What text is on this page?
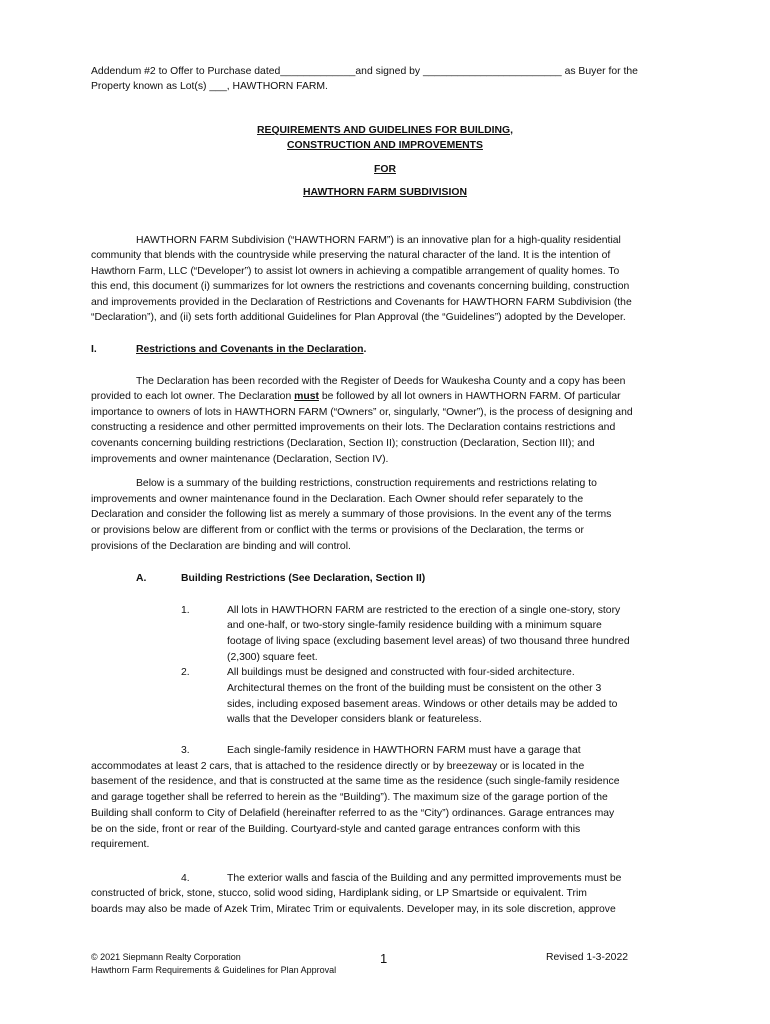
Addendum #2 to Offer to Purchase dated_____________and signed by ________________________ as Buyer for the
Property known as Lot(s) ___, HAWTHORN FARM.
REQUIREMENTS AND GUIDELINES FOR BUILDING,
CONSTRUCTION AND IMPROVEMENTS
FOR
HAWTHORN FARM SUBDIVISION
HAWTHORN FARM Subdivision (“HAWTHORN FARM”) is an innovative plan for a high-quality residential
community that blends with the countryside while preserving the natural character of the land. It is the intention of
Hawthorn Farm, LLC (“Developer”) to assist lot owners in achieving a compatible arrangement of quality homes. To
this end, this document (i) summarizes for lot owners the restrictions and covenants concerning building, construction
and improvements provided in the Declaration of Restrictions and Covenants for HAWTHORN FARM Subdivision (the
“Declaration”), and (ii) sets forth additional Guidelines for Plan Approval (the “Guidelines”) adopted by the Developer.
I.	Restrictions and Covenants in the Declaration.
The Declaration has been recorded with the Register of Deeds for Waukesha County and a copy has been
provided to each lot owner. The Declaration must be followed by all lot owners in HAWTHORN FARM. Of particular
importance to owners of lots in HAWTHORN FARM (“Owners” or, singularly, “Owner”), is the process of designing and
constructing a residence and other permitted improvements on their lots. The Declaration contains restrictions and
covenants concerning building restrictions (Declaration, Section II); construction (Declaration, Section III); and
improvements and owner maintenance (Declaration, Section IV).
Below is a summary of the building restrictions, construction requirements and restrictions relating to
improvements and owner maintenance found in the Declaration. Each Owner should refer separately to the
Declaration and consider the following list as merely a summary of those provisions. In the event any of the terms
or provisions below are different from or conflict with the terms or provisions of the Declaration, the terms or
provisions of the Declaration are binding and will control.
A.	Building Restrictions (See Declaration, Section II)
1.	All lots in HAWTHORN FARM are restricted to the erection of a single one-story, story
and one-half, or two-story single-family residence building with a minimum square
footage of living space (excluding basement level areas) of two thousand three hundred
(2,300) square feet.
2.	All buildings must be designed and constructed with four-sided architecture.
Architectural themes on the front of the building must be consistent on the other 3
sides, including exposed basement areas. Windows or other details may be added to
walls that the Developer considers blank or featureless.
3.	Each single-family residence in HAWTHORN FARM must have a garage that
accommodates at least 2 cars, that is attached to the residence directly or by breezeway or is located in the
basement of the residence, and that is constructed at the same time as the residence (such single-family residence
and garage together shall be referred to herein as the “Building”). The maximum size of the garage portion of the
Building shall conform to City of Delafield (hereinafter referred to as the “City”) ordinances. Garage entrances may
be on the side, front or rear of the Building. Courtyard-style and canted garage entrances conform with this
requirement.
4.	The exterior walls and fascia of the Building and any permitted improvements must be
constructed of brick, stone, stucco, solid wood siding, Hardiplank siding, or LP Smartside or equivalent. Trim
boards may also be made of Azek Trim, Miratec Trim or equivalents. Developer may, in its sole discretion, approve
© 2021 Siepmann Realty Corporation
Hawthorn Farm Requirements & Guidelines for Plan Approval
1	Revised 1-3-2022
